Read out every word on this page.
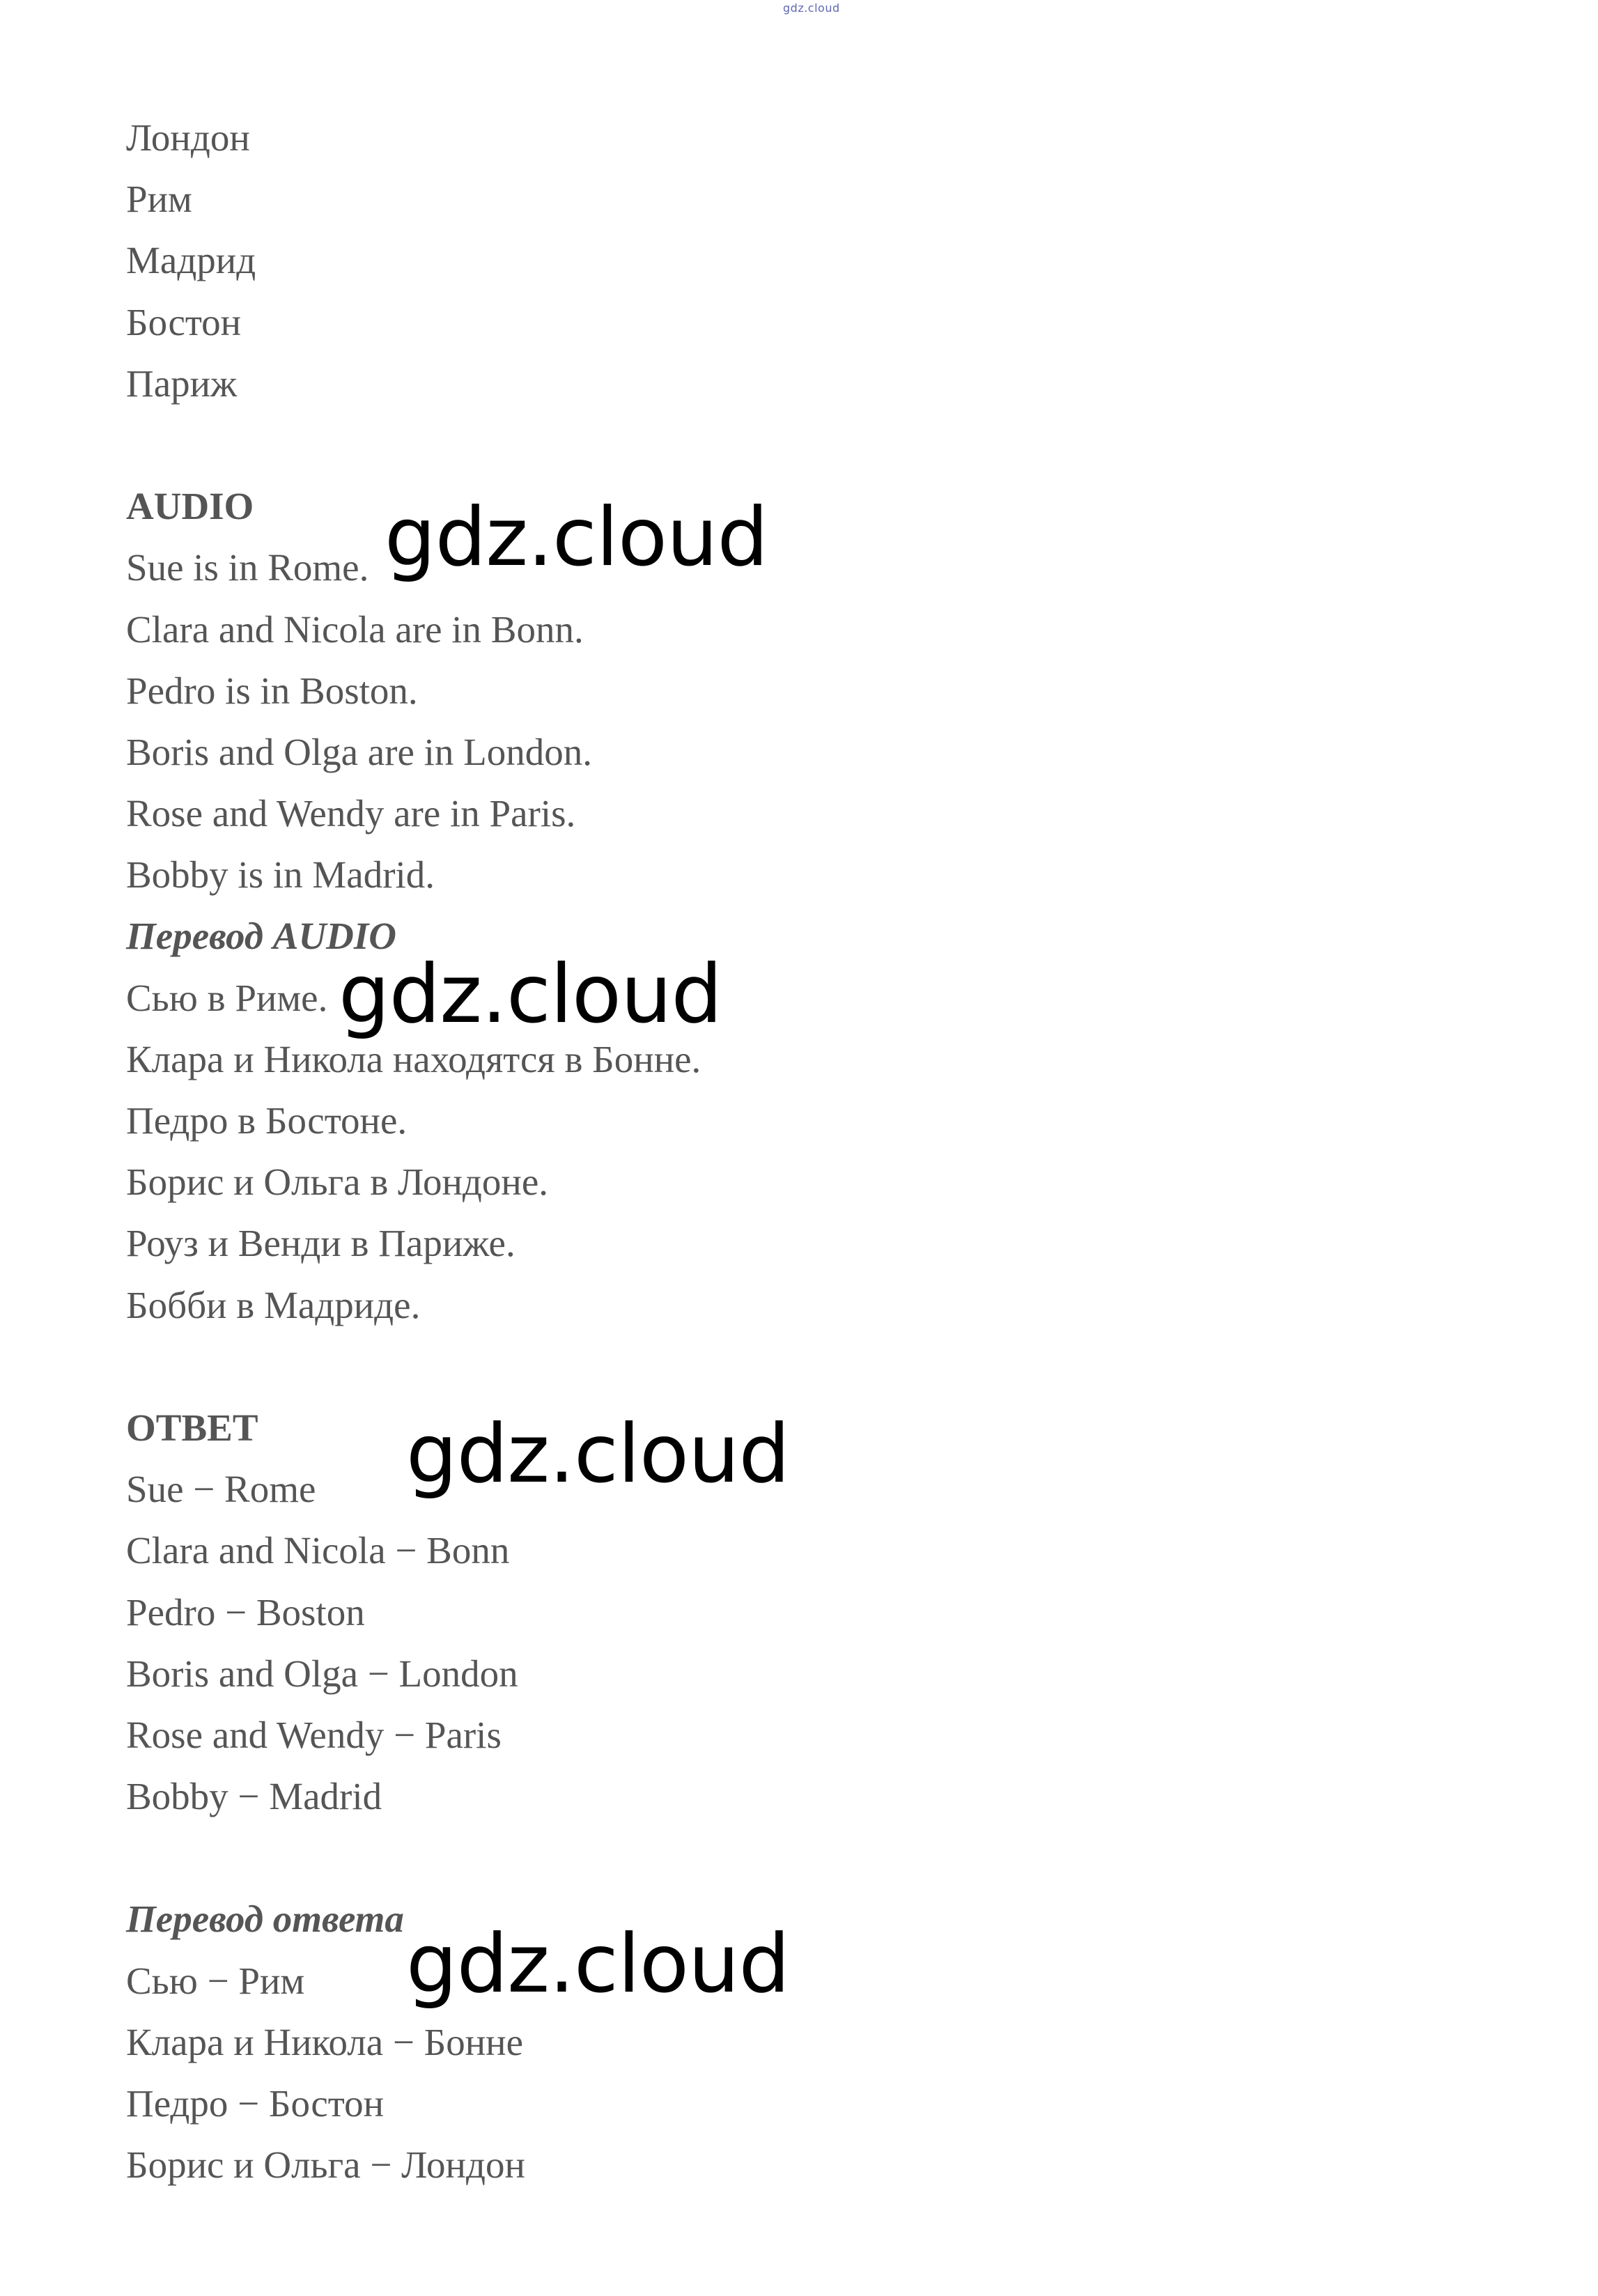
gdz.cloud
Лондон
Рим
Мадрид
Бостон
Париж
AUDIO
Sue is in Rome.
Clara and Nicola are in Bonn.
Pedro is in Boston.
Boris and Olga are in London.
Rose and Wendy are in Paris.
Bobby is in Madrid.
Перевод AUDIO
Сью в Риме.
Клара и Никола находятся в Бонне.
Педро в Бостоне.
Борис и Ольга в Лондоне.
Роуз и Венди в Париже.
Бобби в Мадриде.
ОТВЕТ
Sue − Rome
Clara and Nicola − Bonn
Pedro − Boston
Boris and Olga − London
Rose and Wendy − Paris
Bobby − Madrid
Перевод ответа
Сью − Рим
Клара и Никола − Бонне
Педро − Бостон
Борис и Ольга − Лондон
gdz.cloud
gdz.cloud
gdz.cloud
gdz.cloud
